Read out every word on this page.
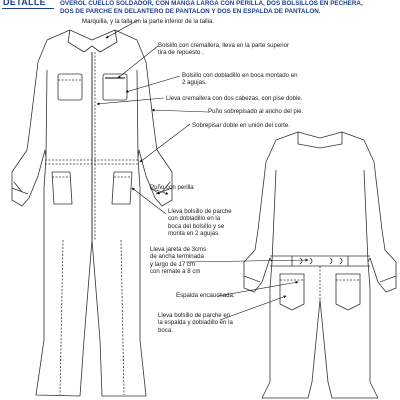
DETALLE OVEROL CUELLO SOLDADOR, CON MANGA LARGA CON PERILLA, DOS BOLSILLOS EN PECHERA,
DOS DE PARCHE EN DELANTERO DE PANTALON Y DOS EN ESPALDA DE PANTALON.
Marquilla, y la talla en la parte inferior de la tallia.
Bolsillo con cremallera, lleva en la parte superior
tira de repuesto .
Bolsillo con dobladillo en boca montado en
2 agujas.
Lleva cremallera con dos cabezas, con pise doble.
Puño sobrepisado al ancho del pie.
Sobrepisar doble en unión del corte.
Puño con perilla
Lleva bolsillo de parche
con dobladillo en la
boca del bolsillo y se
monta en 2 agujas.
Lleva jareta de 3cms
de ancha terminada
y largo de 17 cm
con remate a 8 cm
Espalda encauchada.
Lleva bolsillo de parche en
la espalda y dobladillo en la
boca.
